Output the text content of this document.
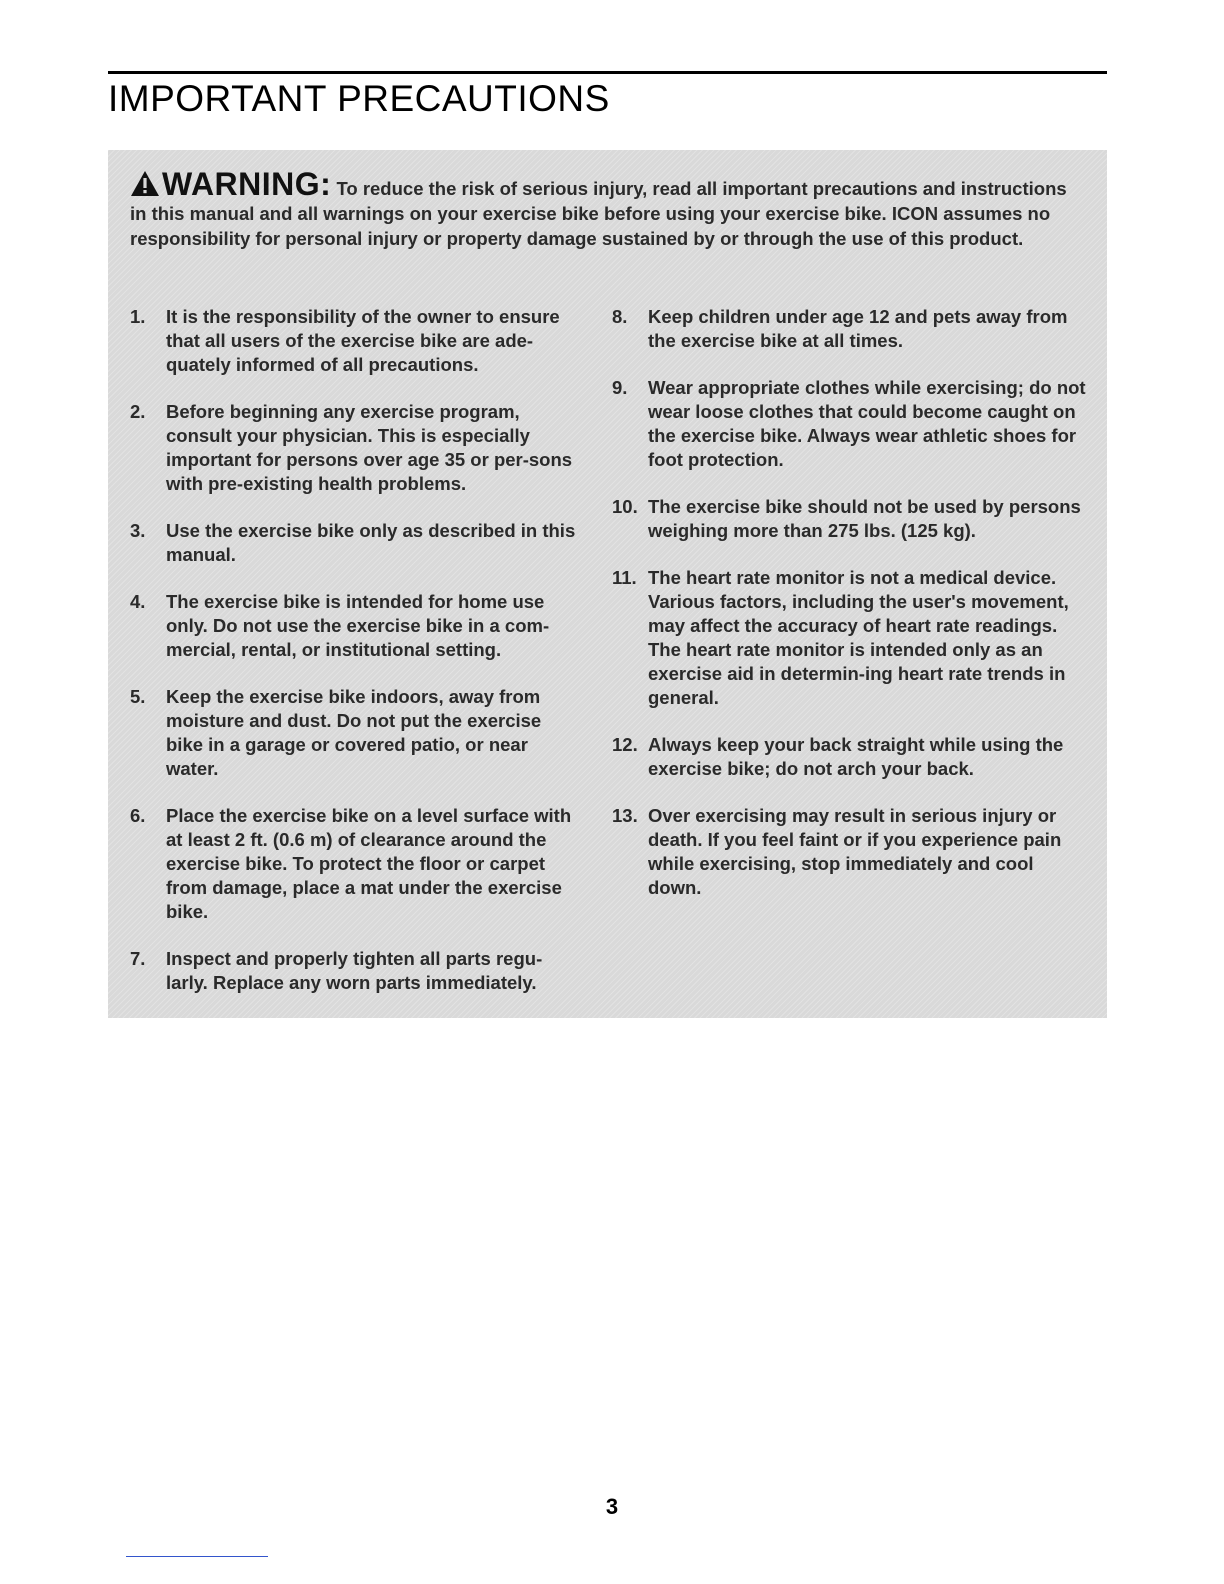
IMPORTANT PRECAUTIONS

WARNING: To reduce the risk of serious injury, read all important precautions and instructions in this manual and all warnings on your exercise bike before using your exercise bike. ICON assumes no responsibility for personal injury or property damage sustained by or through the use of this product.

1.	It is the responsibility of the owner to ensure that all users of the exercise bike are ade-quately informed of all precautions.
2.	Before beginning any exercise program, consult your physician. This is especially important for persons over age 35 or per-sons with pre-existing health problems.
3.	Use the exercise bike only as described in this manual.
4.	The exercise bike is intended for home use only. Do not use the exercise bike in a com-mercial, rental, or institutional setting.
5.	Keep the exercise bike indoors, away from moisture and dust. Do not put the exercise bike in a garage or covered patio, or near water.
6.	Place the exercise bike on a level surface with at least 2 ft. (0.6 m) of clearance around the exercise bike. To protect the floor or carpet from damage, place a mat under the exercise bike.
7.	Inspect and properly tighten all parts regu-larly. Replace any worn parts immediately.
8.	Keep children under age 12 and pets away from the exercise bike at all times.
9.	Wear appropriate clothes while exercising; do not wear loose clothes that could become caught on the exercise bike. Always wear athletic shoes for foot protection.
10. The exercise bike should not be used by persons weighing more than 275 lbs. (125 kg).
11. The heart rate monitor is not a medical device. Various factors, including the user's movement, may affect the accuracy of heart rate readings. The heart rate monitor is intended only as an exercise aid in determin-ing heart rate trends in general.
12. Always keep your back straight while using the exercise bike; do not arch your back.
13. Over exercising may result in serious injury or death. If you feel faint or if you experience pain while exercising, stop immediately and cool down.
3
